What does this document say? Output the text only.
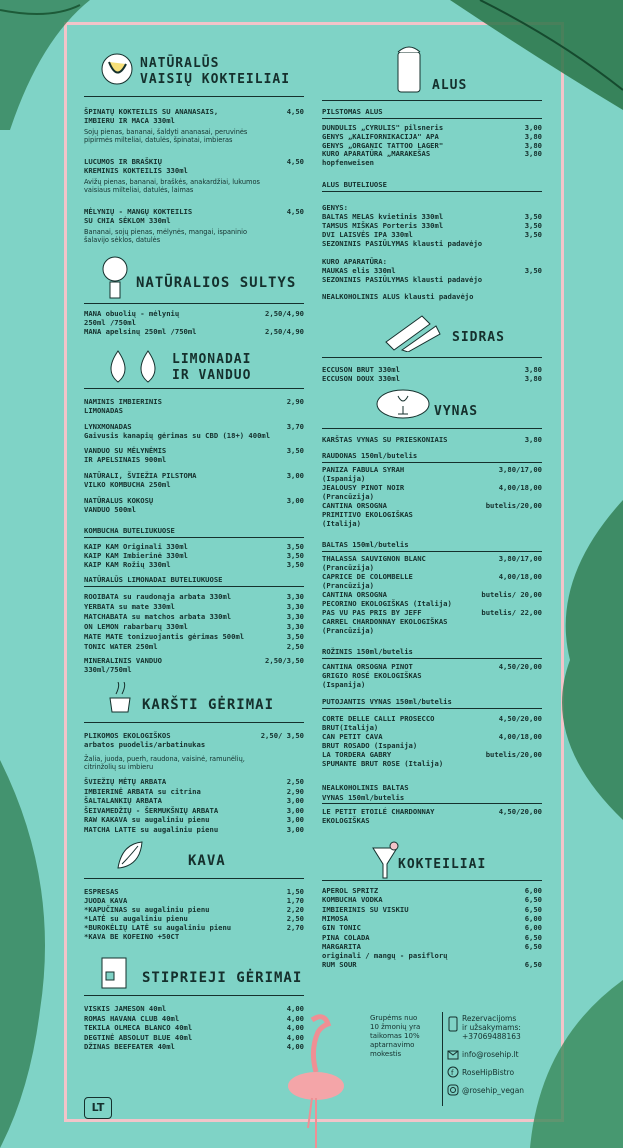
NATŪRALŪS
VAISIŲ KOKTEILIAI
ŠPINATŲ KOKTEILIS SU ANANASAIS,	4,50
IMBIERU IR MACA 330ml
Sojų pienas, bananai, šaldyti ananasai, peruvinės
pipirmės milteliai, datulės, špinatai, imbieras
LUCUMOS IR BRAŠKIŲ	4,50
KREMINIS KOKTEILIS 330ml
Avižų pienas, bananai, braškės, anakardžiai, lukumos
vaisiaus milteliai, datulės, laimas
MĖLYNIŲ - MANGŲ KOKTEILIS	4,50
SU CHIA SĖKLOM 330ml
Bananai, sojų pienas, mėlynės, mangai, ispaninio
šalavijo sėklos, datulės
NATŪRALIOS SULTYS
MANA obuolių - mėlynių	2,50/4,90
250ml /750ml
MANA apelsinų 250ml /750ml	2,50/4,90
LIMONADAI
IR VANDUO
NAMINIS IMBIERINIS	2,90
LIMONADAS
LYNXMONADAS	3,70
Gaivusis kanapių gėrimas su CBD (18+) 400ml
VANDUO SU MĖLYNĖMIS	3,50
IR APELSINAIS 900ml
NATŪRALI, ŠVIEŽIA PILSTOMA	3,00
VILKO KOMBUCHA 250ml
NATŪRALUS KOKOSŲ	3,00
VANDUO 500ml
KOMBUCHA BUTELIUKUOSE
KAIP KAM Originali 330ml	3,50
KAIP KAM Imbierinė 330ml	3,50
KAIP KAM Rožių 330ml	3,50
NATŪRALŪS LIMONADAI BUTELIUKUOSE
ROOIBATA su raudonąja arbata 330ml	3,30
YERBATA su mate 330ml	3,30
MATCHABATA su matchos arbata 330ml	3,30
ON LEMON rabarbarų 330ml	3,30
MATE MATE tonizuojantis gėrimas 500ml	3,50
TONIC WATER 250ml	2,50
MINERALINIS VANDUO	2,50/3,50
330ml/750ml
KARŠTI GĖRIMAI
PLIKOMOS EKOLOGIŠKOS	2,50/ 3,50
arbatos puodelis/arbatinukas
Žalia, juoda, puerh, raudona, vaisinė, ramunėlių,
citrinžolių su imbieru
ŠVIEŽIŲ MĖTŲ ARBATA	2,50
IMBIERINĖ ARBATA su citrina	2,90
ŠALTALANKIŲ ARBATA	3,00
ŠEIVAMEDŽIŲ - ŠERMUKŠNIŲ ARBATA	3,00
RAW KAKAVA su augaliniu pienu	3,00
MATCHA LATTE su augaliniu pienu	3,00
KAVA
ESPRESAS	1,50
JUODA KAVA	1,70
*KAPUČINAS su augaliniu pienu	2,20
*LATĖ su augaliniu pienu	2,50
*BUROKĖLIŲ LATĖ su augaliniu pienu	2,70
*KAVA BE KOFEINO +50CT
STIPRIEJI GĖRIMAI
VISKIS JAMESON 40ml	4,00
ROMAS HAVANA CLUB 40ml	4,00
TEKILA OLMECA BLANCO 40ml	4,00
DEGTINĖ ABSOLUT BLUE 40ml	4,00
DŽINAS BEEFEATER 40ml	4,00
ALUS
PILSTOMAS ALUS
DUNDULIS „CYRULIS" pilsneris	3,00
GENYS „KALIFORNIKACIJA" APA	3,80
GENYS „ORGANIC TATTOO LAGER"	3,80
KURO APARATŪRA „MARAKEŠAS	3,80
hopfenweisen
ALUS BUTELIUOSE
GENYS:
BALTAS MELAS kvietinis 330ml	3,50
TAMSUS MIŠKAS Porteris 330ml	3,50
DVI LAISVĖS IPA 330ml	3,50
SEZONINIS PASIŪLYMAS klausti padavėjo
KURO APARATŪRA:
MAUKAS elis 330ml	3,50
SEZONINIS PASIŪLYMAS klausti padavėjo
NEALKOHOLINIS ALUS klausti padavėjo
SIDRAS
ECCUSON BRUT 330ml	3,80
ECCUSON DOUX 330ml	3,80
VYNAS
KARŠTAS VYNAS SU PRIESKONIAIS	3,80
RAUDONAS 150ml/butelis
PANIZA FABULA SYRAH	3,80/17,00
(Ispanija)
JEALOUSY PINOT NOIR	4,00/18,00
(Prancūzija)
CANTINA ORSOGNA	butelis/20,00
PRIMITIVO EKOLOGIŠKAS
(Italija)
BALTAS 150ml/butelis
THALASSA SAUVIGNON BLANC	3,80/17,00
(Prancūzija)
CAPRICE DE COLOMBELLE	4,00/18,00
(Prancūzija)
CANTINA ORSOGNA	butelis/ 20,00
PECORINO EKOLOGIŠKAS (Italija)
PAS VU PAS PRIS BY JEFF	butelis/ 22,00
CARREL CHARDONNAY EKOLOGIŠKAS
(Prancūzija)
ROŽINIS 150ml/butelis
CANTINA ORSOGNA PINOT	4,50/20,00
GRIGIO ROSÉ EKOLOGIŠKAS
(Ispanija)
PUTOJANTIS VYNAS 150ml/butelis
CORTE DELLE CALLI PROSECCO	4,50/20,00
BRUT(Italija)
CAN PETIT CAVA	4,00/18,00
BRUT ROSADO (Ispanija)
LA TORDERA GABRY	butelis/20,00
SPUMANTE BRUT ROSE (Italija)
NEALKOHOLINIS BALTAS
VYNAS 150ml/butelis
LE PETIT ETOILÉ CHARDONNAY	4,50/20,00
EKOLOGIŠKAS
KOKTEILIAI
APEROL SPRITZ	6,00
KOMBUCHA VODKA	6,50
IMBIERINIS SU VISKIU	6,50
MIMOSA	6,00
GIN TONIC	6,00
PINA COLADA	6,50
MARGARITA	6,50
originali / mangų - pasiflorų
RUM SOUR	6,50
Grupėms nuo
10 žmonių yra
taikomas 10%
aptarnavimo
mokestis
Rezervacijoms
ir užsakymams:
+37069488163
info@rosehip.lt
f RoseHipBistro
@rosehip_vegan
LT
